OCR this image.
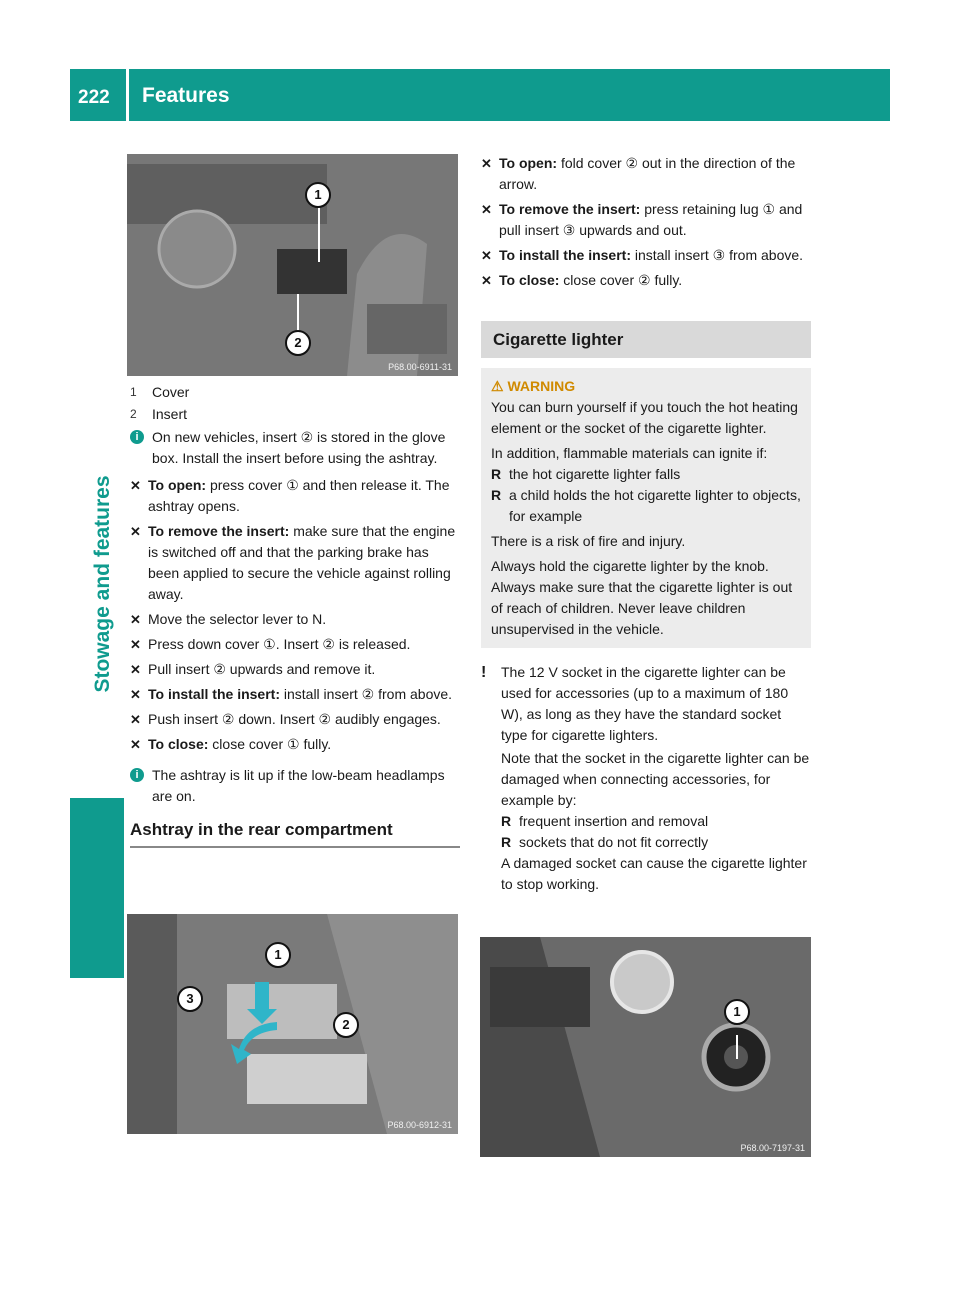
222 Features
Stowage and features
1
2
P68.00-6911-31
1	Cover
2	Insert
i On new vehicles, insert ② is stored in the glove box. Install the insert before using the ashtray.
✕ To open: press cover ① and then release it. The ashtray opens.
✕ To remove the insert: make sure that the engine is switched off and that the parking brake has been applied to secure the vehicle against rolling away.
✕ Move the selector lever to N.
✕ Press down cover ①. Insert ② is released.
✕ Pull insert ② upwards and remove it.
✕ To install the insert: install insert ② from above.
✕ Push insert ② down. Insert ② audibly engages.
✕ To close: close cover ① fully.
i The ashtray is lit up if the low-beam headlamps are on.
Ashtray in the rear compartment
1
3
2
P68.00-6912-31
✕ To open: fold cover ② out in the direction of the arrow.
✕ To remove the insert: press retaining lug ① and pull insert ③ upwards and out.
✕ To install the insert: install insert ③ from above.
✕ To close: close cover ② fully.
Cigarette lighter
⚠ WARNING

You can burn yourself if you touch the hot heating element or the socket of the cigarette lighter.

In addition, flammable materials can ignite if:

R the hot cigarette lighter falls
R a child holds the hot cigarette lighter to objects, for example

There is a risk of fire and injury.

Always hold the cigarette lighter by the knob. Always make sure that the cigarette lighter is out of reach of children. Never leave children unsupervised in the vehicle.

!	The 12 V socket in the cigarette lighter can be used for accessories (up to a maximum of 180 W), as long as they have the standard socket type for cigarette lighters.

Note that the socket in the cigarette lighter can be damaged when connecting accessories, for example by:

R frequent insertion and removal
R sockets that do not fit correctly

A damaged socket can cause the cigarette lighter to stop working.

1
P68.00-7197-31
